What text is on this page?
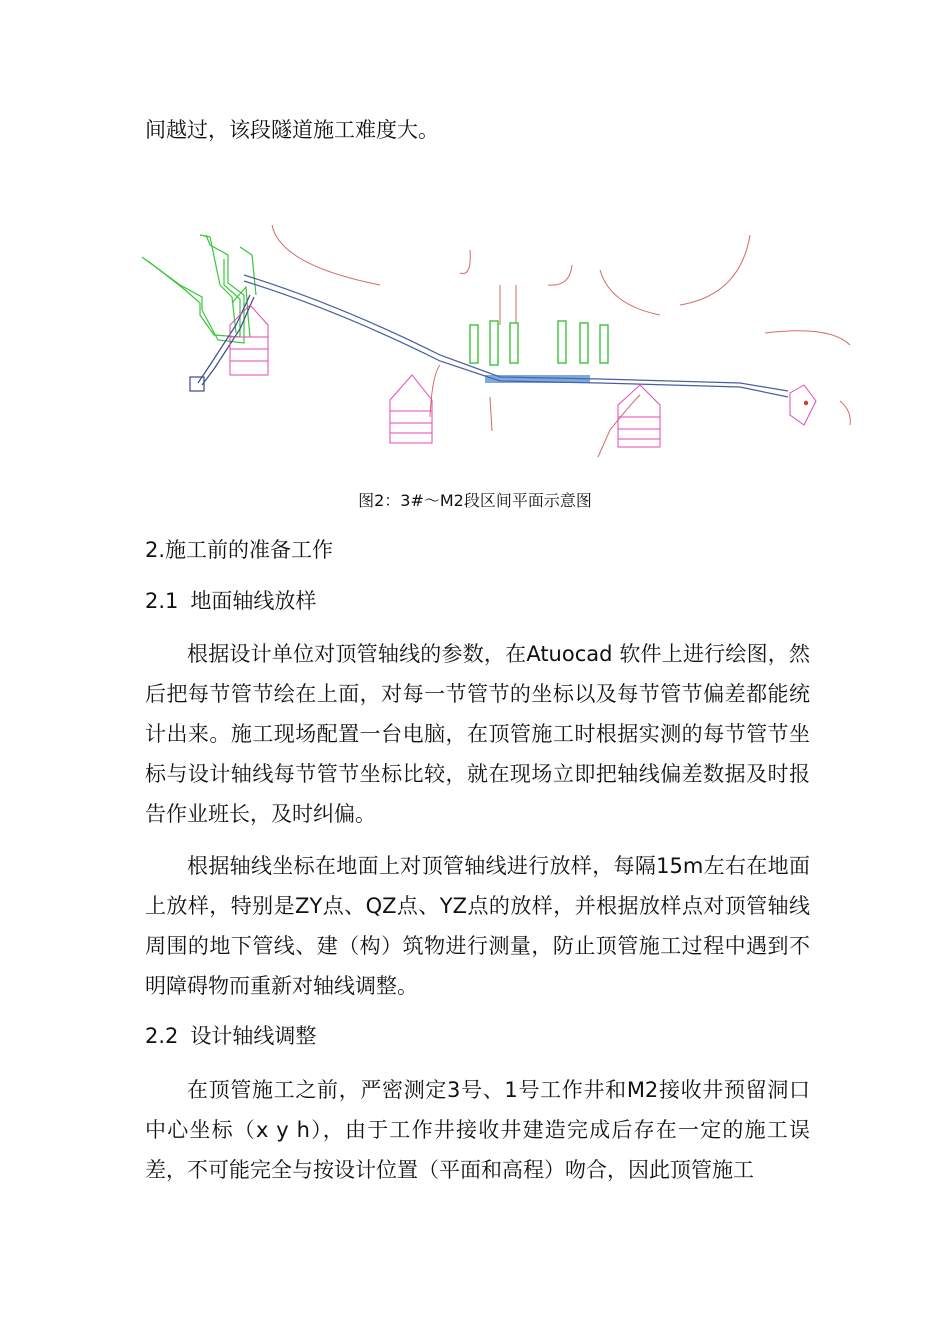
间越过，该段隧道施工难度大。
图2：3#～M2段区间平面示意图
2.施工前的准备工作
2.1 地面轴线放样

根据设计单位对顶管轴线的参数，在Atuocad 软件上进行绘图，然后把每节管节绘在上面，对每一节管节的坐标以及每节管节偏差都能统计出来。施工现场配置一台电脑，在顶管施工时根据实测的每节管节坐标与设计轴线每节管节坐标比较，就在现场立即把轴线偏差数据及时报告作业班长，及时纠偏。

根据轴线坐标在地面上对顶管轴线进行放样，每隔15m左右在地面上放样，特别是ZY点、QZ点、YZ点的放样，并根据放样点对顶管轴线周围的地下管线、建（构）筑物进行测量，防止顶管施工过程中遇到不明障碍物而重新对轴线调整。

2.2 设计轴线调整

在顶管施工之前，严密测定3号、1号工作井和M2接收井预留洞口中心坐标（x y h），由于工作井接收井建造完成后存在一定的施工误差，不可能完全与按设计位置（平面和高程）吻合，因此顶管施工
